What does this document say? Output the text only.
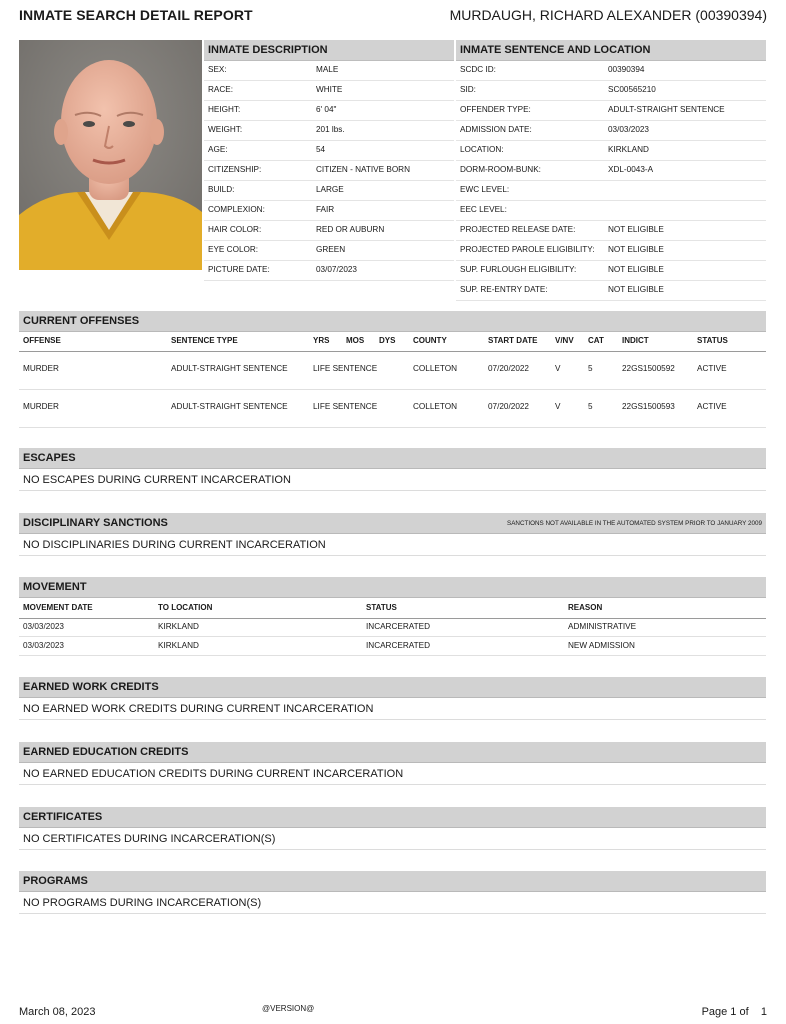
INMATE SEARCH DETAIL REPORT	MURDAUGH, RICHARD ALEXANDER (00390394)
INMATE DESCRIPTION
SEX:	MALE
RACE:	WHITE
HEIGHT:	6' 04"
WEIGHT:	201 lbs.
AGE:	54
CITIZENSHIP:	CITIZEN - NATIVE BORN
BUILD:	LARGE
COMPLEXION:	FAIR
HAIR COLOR:	RED OR AUBURN
EYE COLOR:	GREEN
PICTURE DATE:	03/07/2023
INMATE SENTENCE AND LOCATION
SCDC ID:	00390394
SID:	SC00565210
OFFENDER TYPE:	ADULT-STRAIGHT SENTENCE
ADMISSION DATE:	03/03/2023
LOCATION:	KIRKLAND
DORM-ROOM-BUNK:	XDL-0043-A
EWC LEVEL:
EEC LEVEL:
PROJECTED RELEASE DATE:	NOT ELIGIBLE
PROJECTED PAROLE ELIGIBILITY: NOT ELIGIBLE
SUP. FURLOUGH ELIGIBILITY:	NOT ELIGIBLE
SUP. RE-ENTRY DATE:	NOT ELIGIBLE
CURRENT OFFENSES
OFFENSE	SENTENCE TYPE	YRS MOS DYS COUNTY	START DATE V/NV CAT INDICT	STATUS
MURDER	ADULT-STRAIGHT SENTENCE	LIFE SENTENCE	COLLETON	07/20/2022	V	5	22GS1500592	ACTIVE
MURDER	ADULT-STRAIGHT SENTENCE	LIFE SENTENCE	COLLETON	07/20/2022	V	5	22GS1500593	ACTIVE
ESCAPES
NO ESCAPES DURING CURRENT INCARCERATION
DISCIPLINARY SANCTIONS	SANCTIONS NOT AVAILABLE IN THE AUTOMATED SYSTEM PRIOR TO JANUARY 2009
NO DISCIPLINARIES DURING CURRENT INCARCERATION
MOVEMENT
MOVEMENT DATE	TO LOCATION	STATUS	REASON
03/03/2023	KIRKLAND	INCARCERATED	ADMINISTRATIVE
03/03/2023	KIRKLAND	INCARCERATED	NEW ADMISSION
EARNED WORK CREDITS
NO EARNED WORK CREDITS DURING CURRENT INCARCERATION
EARNED EDUCATION CREDITS
NO EARNED EDUCATION CREDITS DURING CURRENT INCARCERATION
CERTIFICATES
NO CERTIFICATES DURING INCARCERATION(S)
PROGRAMS
NO PROGRAMS DURING INCARCERATION(S)
March 08, 2023	@VERSION@	Page 1 of    1
